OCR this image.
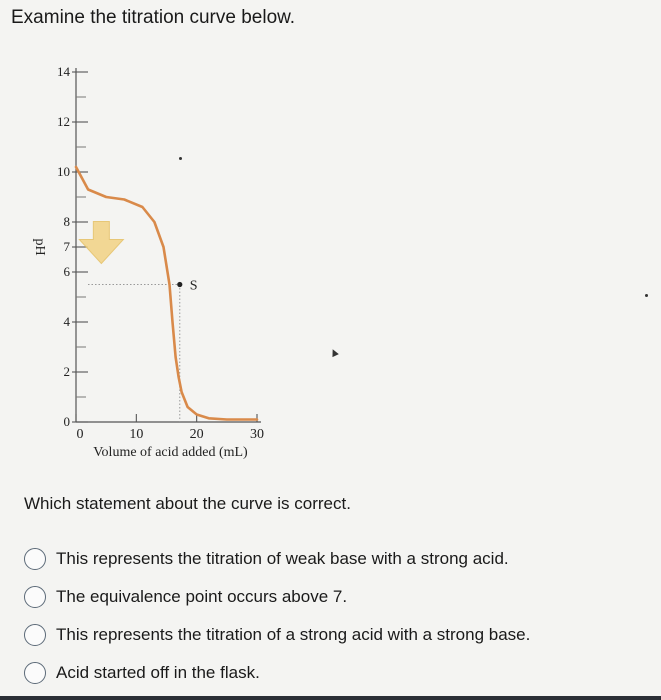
Examine the titration curve below.
0
2
4
6
7
8
10
12
14
0	10	20	30
Volume of acid added (mL)
pH
S
▲
Which statement about the curve is correct.
This represents the titration of weak base with a strong acid.
The equivalence point occurs above 7.
This represents the titration of a strong acid with a strong base.
Acid started off in the flask.
